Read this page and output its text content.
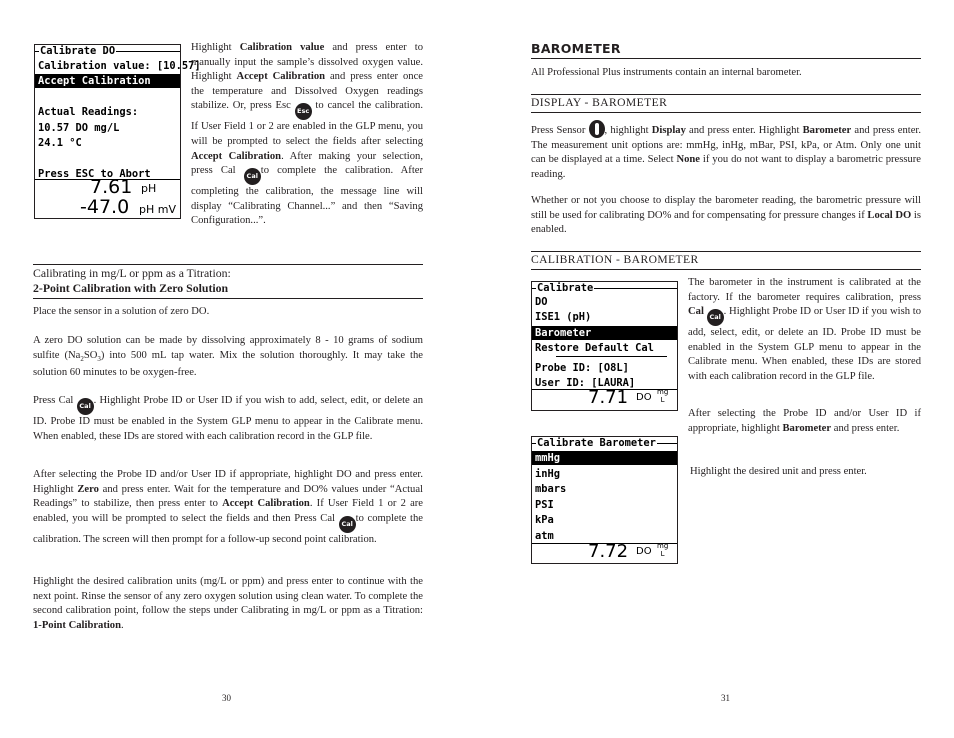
Calibrate DO
Calibration value: [10.57]
Accept Calibration
Actual Readings:
10.57 DO mg/L
24.1 °C
Press ESC to Abort
7.61 pH
-47.0 pH mV
Highlight Calibration value and press enter to manually input the sample’s dissolved oxygen value. Highlight Accept Calibration and press enter once the temperature and Dissolved Oxygen readings stabilize. Or, press Esc Esc to cancel the calibration. If User Field 1 or 2 are enabled in the GLP menu, you will be prompted to select the fields after selecting Accept Calibration. After making your selection, press Cal Cal to complete the calibration. After completing the calibration, the message line will display “Calibrating Channel...” and then “Saving Configuration...”.
Calibrating in mg/L or ppm as a Titration:
2-Point Calibration with Zero Solution
Place the sensor in a solution of zero DO.
A zero DO solution can be made by dissolving approximately 8 - 10 grams of sodium sulfite $(Na_2SO_3)$ into 500 mL tap water. Mix the solution thoroughly. It may take the solution 60 minutes to be oxygen-free.
Press Cal Cal . Highlight Probe ID or User ID if you wish to add, select, edit, or delete an ID. Probe ID must be enabled in the System GLP menu to appear in the Calibrate menu. When enabled, these IDs are stored with each calibration record in the GLP file.
After selecting the Probe ID and/or User ID if appropriate, highlight DO and press enter. Highlight Zero and press enter. Wait for the temperature and DO% values under “Actual Readings” to stabilize, then press enter to Accept Calibration. If User Field 1 or 2 are enabled, you will be prompted to select the fields and then Press Cal Cal to complete the calibration. The screen will then prompt for a follow-up second point calibration.
Highlight the desired calibration units (mg/L or ppm) and press enter to continue with the next point. Rinse the sensor of any zero oxygen solution using clean water. To complete the second calibration point, follow the steps under Calibrating in mg/L or ppm as a Titration: 1-Point Calibration.
30
BAROMETER
All Professional Plus instruments contain an internal barometer.
DISPLAY - BAROMETER
Press Sensor , highlight Display and press enter. Highlight Barometer and press enter. The measurement unit options are: mmHg, inHg, mBar, PSI, kPa, or Atm. Only one unit can be displayed at a time. Select None if you do not want to display a barometric pressure reading.
Whether or not you choose to display the barometer reading, the barometric pressure will still be used for calibrating DO% and for compensating for pressure changes if Local DO is enabled.
CALIBRATION - BAROMETER
Calibrate
DO
ISE1 (pH)
Barometer
Restore Default Cal
Probe ID: [O8L]
User ID: [LAURA]
7.71 DO mg
L
Calibrate Barometer
mmHg
inHg
mbars
PSI
kPa
atm
7.72 DO mg
L
The barometer in the instrument is calibrated at the factory. If the barometer requires calibration, press Cal Cal . Highlight Probe ID or User ID if you wish to add, select, edit, or delete an ID. Probe ID must be enabled in the System GLP menu to appear in the Calibrate menu. When enabled, these IDs are stored with each calibration record in the GLP file.
After selecting the Probe ID and/or User ID if appropriate, highlight Barometer and press enter.
Highlight the desired unit and press enter.
31
